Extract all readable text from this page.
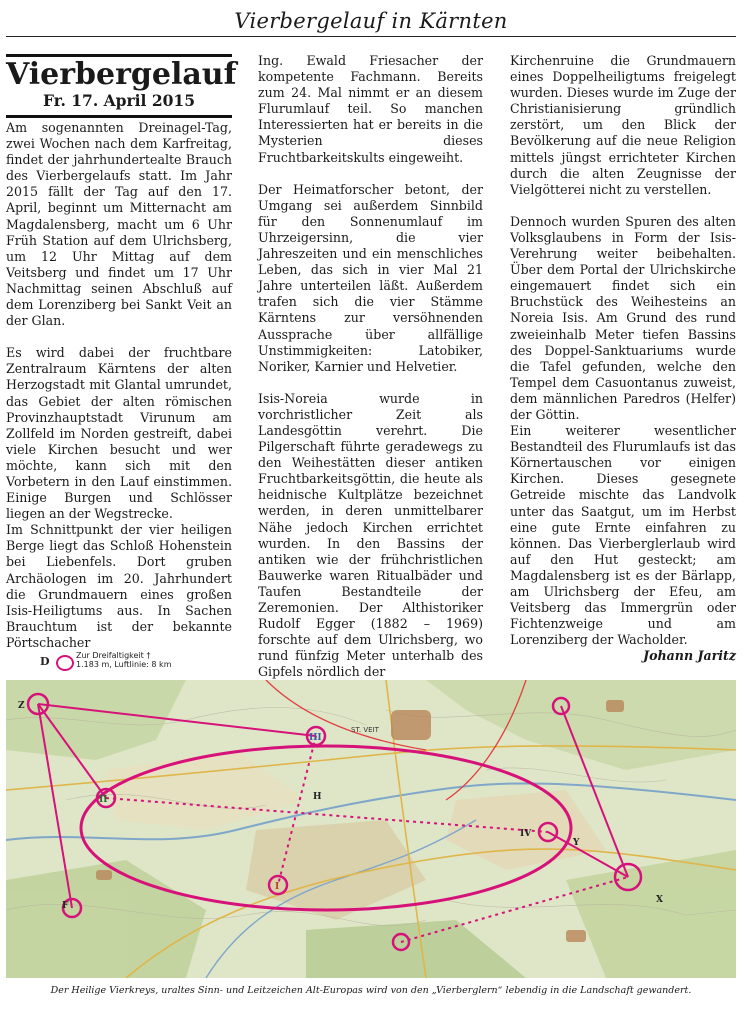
Vierbergelauf in Kärnten
Vierbergelauf
Fr. 17. April 2015

Am sogenannten Dreinagel-Tag, zwei Wochen nach dem Karfreitag, findet der jahrhundertealte Brauch des Vierbergelaufs statt. Im Jahr 2015 fällt der Tag auf den 17. April, beginnt um Mitternacht am Magdalensberg, macht um 6 Uhr Früh Station auf dem Ulrichsberg, um 12 Uhr Mittag auf dem Veitsberg und findet um 17 Uhr Nachmittag seinen Abschluß auf dem Lorenziberg bei Sankt Veit an der Glan.

Es wird dabei der fruchtbare Zentralraum Kärntens der alten Herzogstadt mit Glantal umrundet, das Gebiet der alten römischen Provinzhauptstadt Virunum am Zollfeld im Norden gestreift, dabei viele Kirchen besucht und wer möchte, kann sich mit den Vorbetern in den Lauf einstimmen. Einige Burgen und Schlösser liegen an der Wegstrecke.

Im Schnittpunkt der vier heiligen Berge liegt das Schloß Hohenstein bei Liebenfels. Dort gruben Archäologen im 20. Jahrhundert die Grundmauern eines großen Isis-Heiligtums aus. In Sachen Brauchtum ist der bekannte Pörtschacher

Ing. Ewald Friesacher der kompetente Fachmann. Bereits zum 24. Mal nimmt er an diesem Flurumlauf teil. So manchen Interessierten hat er bereits in die Mysterien dieses Fruchtbarkeitskults eingeweiht.

Der Heimatforscher betont, der Umgang sei außerdem Sinnbild für den Sonnenumlauf im Uhrzeigersinn, die vier Jahreszeiten und ein menschliches Leben, das sich in vier Mal 21 Jahre unterteilen läßt. Außerdem trafen sich die vier Stämme Kärntens zur versöhnenden Aussprache über allfällige Unstimmigkeiten: Latobiker, Noriker, Karnier und Helvetier.

Isis-Noreia wurde in vorchristlicher Zeit als Landesgöttin verehrt. Die Pilgerschaft führte geradewegs zu den Weihestätten dieser antiken Fruchtbarkeitsgöttin, die heute als heidnische Kultplätze bezeichnet werden, in deren unmittelbarer Nähe jedoch Kirchen errichtet wurden. In den Bassins der antiken wie der frühchristlichen Bauwerke waren Ritualbäder und Taufen Bestandteile der Zeremonien. Der Althistoriker Rudolf Egger (1882 – 1969) forschte auf dem Ulrichsberg, wo rund fünfzig Meter unterhalb des Gipfels nördlich der

Kirchenruine die Grundmauern eines Doppelheiligtums freigelegt wurden. Dieses wurde im Zuge der Christianisierung gründlich zerstört, um den Blick der Bevölkerung auf die neue Religion mittels jüngst errichteter Kirchen durch die alten Zeugnisse der Vielgötterei nicht zu verstellen.

Dennoch wurden Spuren des alten Volksglaubens in Form der Isis-Verehrung weiter beibehalten. Über dem Portal der Ulrichskirche eingemauert findet sich ein Bruchstück des Weihesteins an Noreia Isis. Am Grund des rund zweieinhalb Meter tiefen Bassins des Doppel-Sanktuariums wurde die Tafel gefunden, welche den Tempel dem Casuontanus zuweist, dem männlichen Paredros (Helfer) der Göttin.

Ein weiterer wesentlicher Bestandteil des Flurumlaufs ist das Körnertauschen vor einigen Kirchen. Dieses gesegnete Getreide mischte das Landvolk unter das Saatgut, um im Herbst eine gute Ernte einfahren zu können. Das Vierberglerlaub wird auf den Hut gesteckt; am Magdalensberg ist es der Bärlapp, am Ulrichsberg der Efeu, am Veitsberg das Immergrün oder Fichtenzweige und am Lorenziberg der Wacholder.

Johann Jaritz
D	Zur Dreifaltigkeit †
1.183 m, Luftlinie: 8 km
ST. VEIT
Z
II
III
IV
Y
X
F
I
H
Der Heilige Vierkreys, uraltes Sinn- und Leitzeichen Alt-Europas wird von den „Vierberglern“ lebendig in die Landschaft gewandert.
